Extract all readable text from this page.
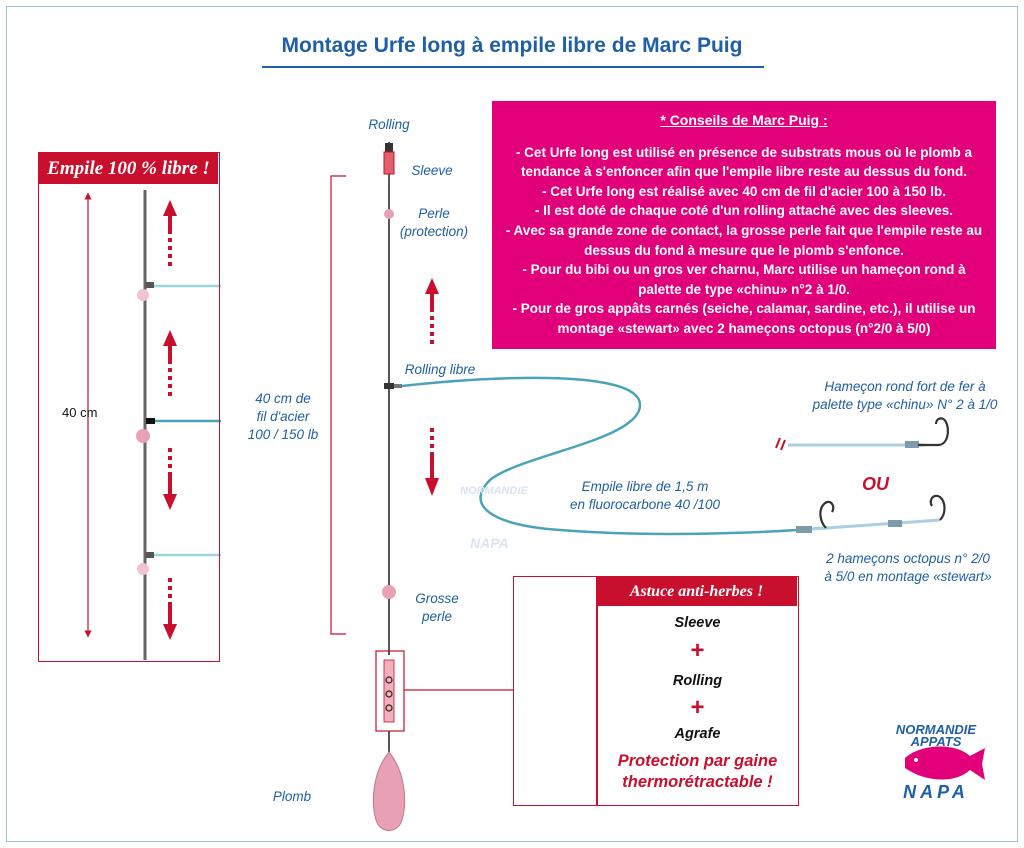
Montage Urfe long à empile libre de Marc Puig
NORMANDIE
NAPA
Rolling
Sleeve
Perle
(protection)
40 cm de
fil d'acier
100 / 150 lb
Rolling libre
Empile libre de 1,5 m
en fluorocarbone 40 /100
Hameçon rond fort de fer à
palette type «chinu» N° 2 à 1/0
OU
2 hameçons octopus n° 2/0
à 5/0 en montage «stewart»
Grosse
perle
Plomb
* Conseils de Marc Puig :

- Cet Urfe long est utilisé en présence de substrats mous où le plomb a tendance à s'enfoncer afin que l'empile libre reste au dessus du fond.

- Cet Urfe long est réalisé avec 40 cm de fil d'acier 100 à 150 lb.

- Il est doté de chaque coté d'un rolling attaché avec des sleeves.

- Avec sa grande zone de contact, la grosse perle fait que l'empile reste au dessus du fond à mesure que le plomb s'enfonce.

- Pour du bibi ou un gros ver charnu, Marc utilise un hameçon rond à palette de type «chinu» n°2 à 1/0.

- Pour de gros appâts carnés (seiche, calamar, sardine, etc.), il utilise un montage «stewart» avec 2 hameçons octopus (n°2/0 à 5/0)

Empile 100 % libre !
40 cm
Astuce anti-herbes !
Sleeve
+
Rolling
+
Agrafe
Protection par gaine thermorétractable !
NORMANDIE APPATS
NAPA
